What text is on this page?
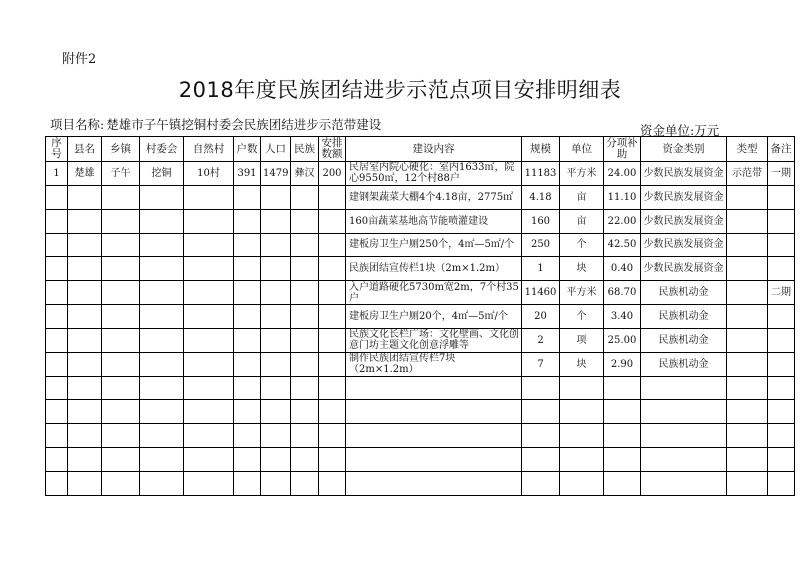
附件2
2018年度民族团结进步示范点项目安排明细表
项目名称: 楚雄市子午镇挖铜村委会民族团结进步示范带建设	资金单位:万元
序号	县名	乡镇	村委会	自然村	户数	人口	民族	安排数额	建设内容	规模	单位	分项补助	资金类别	类型	备注
1	楚雄	子午	挖铜	10村	391	1479	彝汉	200	民居室内院心硬化：室内1633㎡，院心9550㎡，12个村88户	11183	平方米	24.00	少数民族发展资金	示范带	一期
									建钢架蔬菜大棚4个4.18亩，2775㎡	4.18	亩	11.10	少数民族发展资金		
									160亩蔬菜基地高节能喷灌建设	160	亩	22.00	少数民族发展资金		
									建板房卫生户厕250个，4㎡—5㎡/个	250	个	42.50	少数民族发展资金		
									民族团结宣传栏1块（2m×1.2m）	1	块	0.40	少数民族发展资金		
									入户道路硬化5730m宽2m，7个村35户	11460	平方米	68.70	民族机动金		二期
									建板房卫生户厕20个，4㎡—5㎡/个	20	个	3.40	民族机动金		
									民族文化长栏广场：文化壁画、文化创意门坊主题文化创意浮雕等	2	项	25.00	民族机动金		
									制作民族团结宣传栏7块（2m×1.2m）	7	块	2.90	民族机动金		
